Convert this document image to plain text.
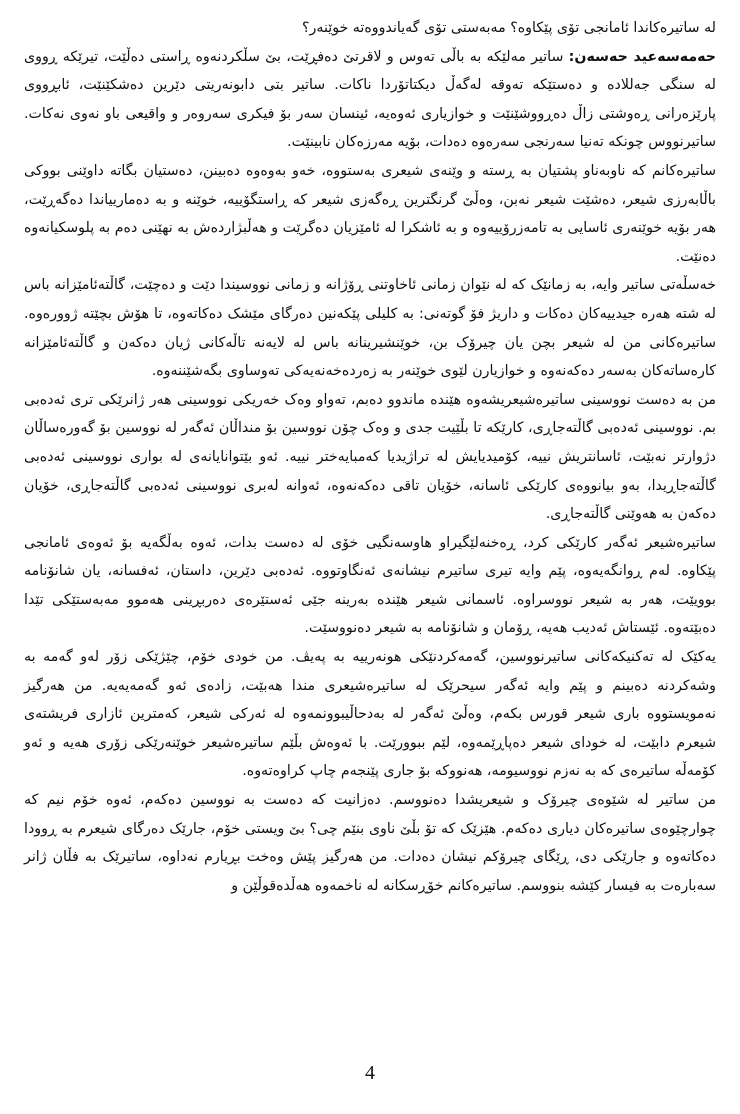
له ساتیرەکاندا ئامانجی تۆی پێکاوە؟ مەبەستی تۆی گەیاندووەتە خوێنەر؟

حەمەسەعید حەسەن: ساتیر مەلێکە بە باڵی تەوس و لاقرتێ دەفڕێت، بێ سڵکردنەوە ڕاستی دەڵێت، تیرێکە ڕووی لە سنگی جەللادە و دەستێکە تەوقە لەگەڵ دیکتاتۆردا ناکات. ساتیر بتی دابونەریتی دێرین دەشکێنێت، ئابڕووی پارێزەرانی ڕەوشتی زاڵ دەڕووشێنێت و خوازیاری ئەوەیە، ئینسان سەر بۆ فیکری سەروەر و واقیعی باو نەوی نەکات. ساتیرنووس چونکە تەنیا سەرنجی سەرەوە دەدات، بۆیە مەرزەکان نابینێت.

ساتیرەکانم کە ناوبەناو پشتیان بە ڕستە و وێنەی شیعری بەستووە، خەو بەوەوە دەبینن، دەستیان بگاتە داوێنی بووکی باڵابەرزی شیعر، دەشێت شیعر نەبن، وەڵێ گرنگترین ڕەگەزی شیعر کە ڕاستگۆییە، خوێنە و بە دەمارییاندا دەگەڕێت، هەر بۆیە خوێنەری ئاسایی بە تامەزرۆییەوە و بە ئاشکرا لە ئامێزیان دەگرێت و هەڵبژاردەش بە نهێنی دەم بە پلوسکیانەوە دەنێت.

خەسڵەتی ساتیر وایە، بە زمانێک کە لە نێوان زمانی ئاخاوتنی ڕۆژانە و زمانی نووسیندا دێت و دەچێت، گاڵتەئامێزانە باس لە شتە هەرە جیدییەکان دەکات و داریژ فۆ گوتەنی: بە کلیلی پێکەنین دەرگای مێشک دەکاتەوە، تا هۆش بچێتە ژوورەوە. ساتیرەکانی من لە شیعر بچن یان چیرۆک بن، خوێنشیرینانە باس لە لایەنە تاڵەکانی ژیان دەکەن و گاڵتەئامێزانە کارەساتەکان بەسەر دەکەنەوە و خوازیارن لێوی خوێنەر بە زەردەخەنەیەکی تەوساوی بگەشێننەوە.

من بە دەست نووسینی ساتیرەشیعریشەوە هێندە ماندوو دەبم، تەواو وەک خەریکی نووسینی هەر ژانرێکی تری ئەدەبی بم. نووسینی ئەدەبی گاڵتەجاڕی، کارێکە تا بڵێیت جدی و وەک چۆن نووسین بۆ منداڵان ئەگەر لە نووسین بۆ گەورەساڵان دژوارتر نەبێت، ئاسانتریش نییە، کۆمیدیایش لە تراژیدیا کەمبایەختر نییە. ئەو بێتوانایانەی لە بواری نووسینی ئەدەبی گاڵتەجاڕیدا، بەو بیانووەی کارێکی ئاسانە، خۆیان تاقی دەکەنەوە، ئەوانە لەبری نووسینی ئەدەبی گاڵتەجاڕی، خۆیان دەکەن بە هەوێنی گاڵتەجاڕی.

ساتیرەشیعر ئەگەر کارێکی کرد، ڕەخنەلێگیراو هاوسەنگیی خۆی لە دەست بدات، ئەوە بەڵگەیە بۆ ئەوەی ئامانجی پێکاوە. لەم ڕوانگەیەوە، پێم وایە تیری ساتیرم نیشانەی ئەنگاوتووە. ئەدەبی دێرین، داستان، ئەفسانە، یان شانۆنامە بوویێت، هەر بە شیعر نووسراوە. ئاسمانی شیعر هێندە بەرینە جێی ئەستێرەی دەربڕینی هەموو مەبەستێکی تێدا دەبێتەوە. ئێستاش ئەدیب هەیە، ڕۆمان و شانۆنامە بە شیعر دەنووسێت.

یەکێک لە تەکنیکەکانی ساتیرنووسین، گەمەکردنێکی هونەرییە بە پەیڤ. من خودی خۆم، چێژێکی زۆر لەو گەمە بە وشەکردنە دەبینم و پێم وایە ئەگەر سیحرێک لە ساتیرەشیعری مندا هەبێت، زادەی ئەو گەمەیەیە. من هەرگیز نەمویستووە باری شیعر قورس بکەم، وەڵێ ئەگەر لە بەدحاڵیبوونمەوە لە ئەرکی شیعر، کەمترین ئازاری فریشتەی شیعرم دابێت، لە خودای شیعر دەپاڕێمەوە، لێم ببوورێت. با ئەوەش بڵێم ساتیرەشیعر خوێنەرێکی زۆری هەیە و ئەو کۆمەڵە ساتیرەی کە بە نەزم نووسیومە، هەنووکە بۆ جاری پێنجەم چاپ کراوەتەوە.

من ساتیر لە شێوەی چیرۆک و شیعریشدا دەنووسم. دەزانیت کە دەست بە نووسین دەکەم، ئەوە خۆم نیم کە چوارچێوەی ساتیرەکان دیاری دەکەم. هێزێک کە تۆ بڵێ ناوی بنێم چی؟ بێ ویستی خۆم، جارێک دەرگای شیعرم بە ڕوودا دەکاتەوە و جارێکی دی، ڕێگای چیرۆکم نیشان دەدات. من هەرگیز پێش وەخت بڕیارم نەداوە، ساتیرێک بە فڵان ژانر سەبارەت بە فیسار کێشە بنووسم. ساتیرەکانم خۆڕسکانە لە ناخمەوە هەڵدەقوڵێن و

4
